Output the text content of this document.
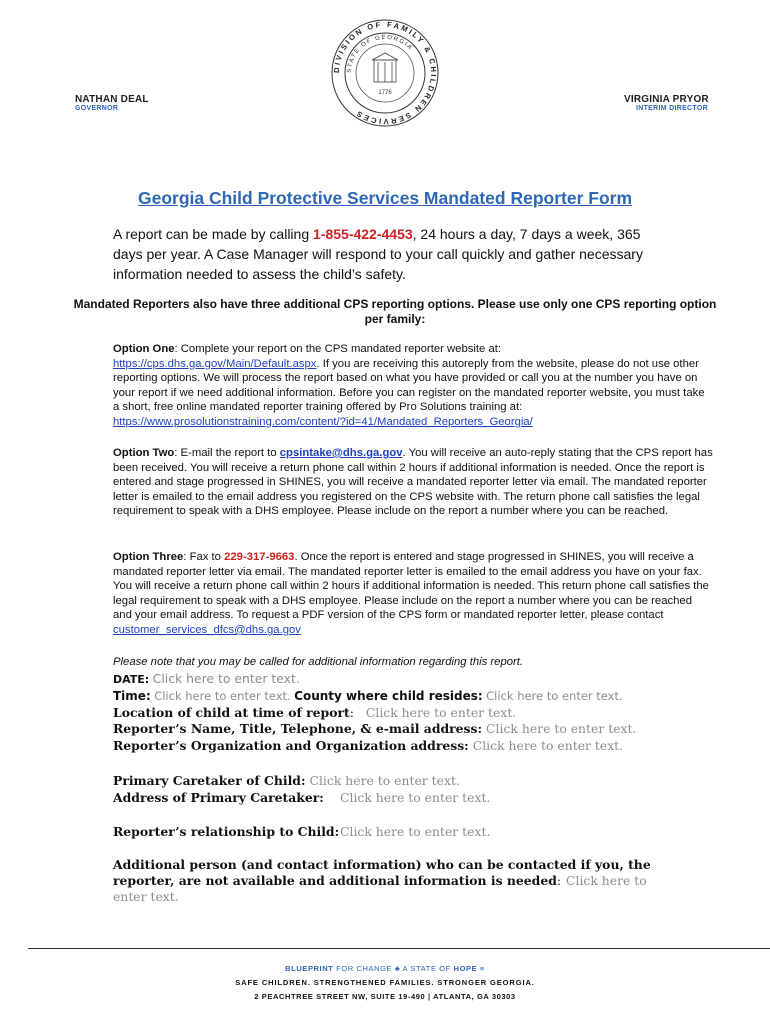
DIVISION OF FAMILY & CHILDREN SERVICES
STATE OF GEORGIA
1776
NATHAN DEAL
GOVERNOR
VIRGINIA PRYOR
INTERIM DIRECTOR
Georgia Child Protective Services Mandated Reporter Form
A report can be made by calling 1-855-422-4453, 24 hours a day, 7 days a week, 365 days per year. A Case Manager will respond to your call quickly and gather necessary information needed to assess the child’s safety.
Mandated Reporters also have three additional CPS reporting options. Please use only one CPS reporting option per family:
Option One: Complete your report on the CPS mandated reporter website at:
https://cps.dhs.ga.gov/Main/Default.aspx. If you are receiving this autoreply from the website, please do not use other reporting options. We will process the report based on what you have provided or call you at the number you have on your report if we need additional information. Before you can register on the mandated reporter website, you must take a short, free online mandated reporter training offered by Pro Solutions training at: https://www.prosolutionstraining.com/content/?id=41/Mandated_Reporters_Georgia/
Option Two: E-mail the report to cpsintake@dhs.ga.gov. You will receive an auto-reply stating that the CPS report has been received. You will receive a return phone call within 2 hours if additional information is needed. Once the report is entered and stage progressed in SHINES, you will receive a mandated reporter letter via email. The mandated reporter letter is emailed to the email address you registered on the CPS website with. The return phone call satisfies the legal requirement to speak with a DHS employee. Please include on the report a number where you can be reached.
Option Three: Fax to 229-317-9663. Once the report is entered and stage progressed in SHINES, you will receive a mandated reporter letter via email. The mandated reporter letter is emailed to the email address you have on your fax. You will receive a return phone call within 2 hours if additional information is needed. This return phone call satisfies the legal requirement to speak with a DHS employee. Please include on the report a number where you can be reached and your email address. To request a PDF version of the CPS form or mandated reporter letter, please contact customer_services_dfcs@dhs.ga.gov
Please note that you may be called for additional information regarding this report.
DATE: Click here to enter text.
Time: Click here to enter text. County where child resides: Click here to enter text.
Location of child at time of report: Click here to enter text.
Reporter’s Name, Title, Telephone, & e-mail address: Click here to enter text.
Reporter’s Organization and Organization address: Click here to enter text.
Primary Caretaker of Child: Click here to enter text.
Address of Primary Caretaker: Click here to enter text.
Reporter’s relationship to Child: Click here to enter text.
Additional person (and contact information) who can be contacted if you, the
reporter, are not available and additional information is needed: Click here to
enter text.
BLUEPRINT FOR CHANGE ♣ A STATE OF HOPE ≡
SAFE CHILDREN. STRENGTHENED FAMILIES. STRONGER GEORGIA.
2 PEACHTREE STREET NW, SUITE 19-490 | ATLANTA, GA 30303
